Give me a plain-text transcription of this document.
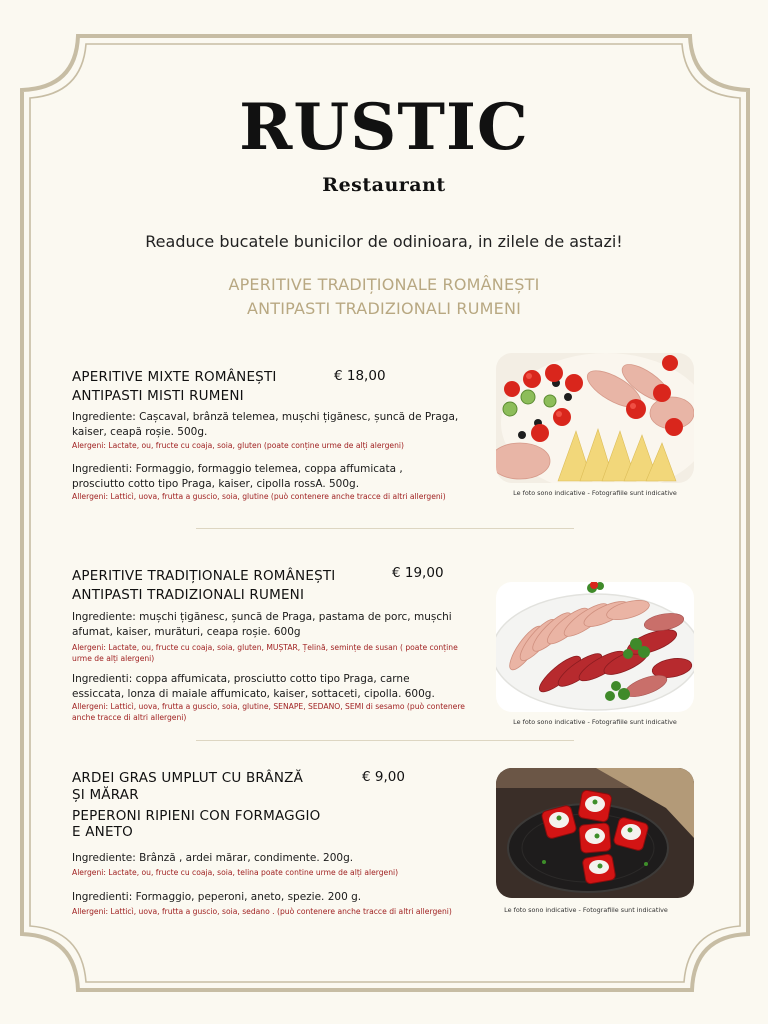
RUSTIC
Restaurant
Readuce bucatele bunicilor de odinioara, in zilele de astazi!
APERITIVE TRADIȚIONALE ROMÂNEȘTI
ANTIPASTI TRADIZIONALI RUMENI
APERITIVE MIXTE ROMÂNEȘTI	€ 18,00
ANTIPASTI MISTI RUMENI
Ingrediente: Cașcaval, brânză telemea, mușchi țigănesc, șuncă de Praga, kaiser, ceapă roșie. 500g.
Alergeni: Lactate, ou, fructe cu coaja, soia, gluten (poate conține urme de alți alergeni)
Ingredienti: Formaggio, formaggio telemea, coppa affumicata , prosciutto cotto tipo Praga, kaiser, cipolla rossA. 500g.
Allergeni: Latticì, uova, frutta a guscio, soia, glutine (può contenere anche tracce di altri allergeni)	Le foto sono indicative - Fotografiile sunt indicative
APERITIVE TRADIȚIONALE ROMÂNEȘTI	€ 19,00
ANTIPASTI TRADIZIONALI RUMENI
Ingrediente: mușchi țigănesc, șuncă de Praga, pastama de porc, mușchi afumat, kaiser, murături, ceapa roșie. 600g
Alergeni: Lactate, ou, fructe cu coaja, soia, gluten, MUȘTAR, Țelină, semințe de susan ( poate conține urme de alți alergeni)
Ingredienti: coppa affumicata, prosciutto cotto tipo Praga, carne essiccata, lonza di maiale affumicato, kaiser, sottaceti, cipolla. 600g.
Allergeni: Latticì, uova, frutta a guscio, soia, glutine, SENAPE, SEDANO, SEMI di sesamo (può contenere anche tracce di altri allergeni)	Le foto sono indicative - Fotografiile sunt indicative
ARDEI GRAS UMPLUT CU BRÂNZĂ	€ 9,00
ȘI MĂRAR
PEPERONI RIPIENI CON FORMAGGIO
E ANETO
Ingrediente: Brânză , ardei mărar, condimente. 200g.
Alergeni: Lactate, ou, fructe cu coaja, soia, telina poate contine urme de alți alergeni)
Ingredienti: Formaggio, peperoni, aneto, spezie. 200 g.
Allergeni: Latticì, uova, frutta a guscio, soia, sedano . (può contenere anche tracce di altri allergeni)	Le foto sono indicative - Fotografiile sunt indicative
